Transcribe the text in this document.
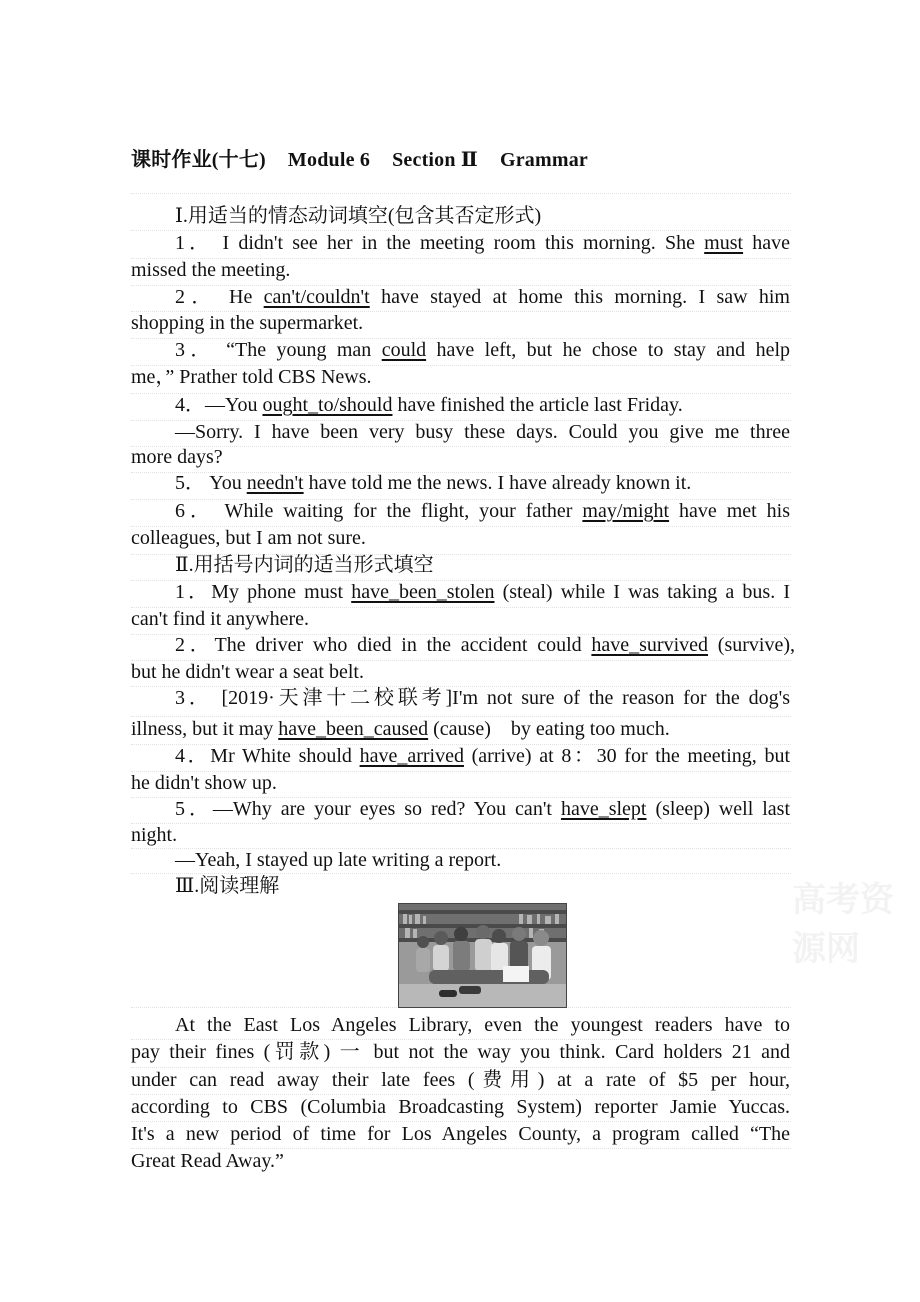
课时作业(十七) Module 6 Section Ⅱ Grammar
Ⅰ.用适当的情态动词填空(包含其否定形式)
1． I didn't see her in the meeting room this morning. She must have
missed the meeting.
2． He can't/couldn't have stayed at home this morning. I saw him
shopping in the supermarket.
3． “The young man could have left, but he chose to stay and help
me，” Prather told CBS News.
4．—You ought_to/should have finished the article last Friday.
—Sorry. I have been very busy these days. Could you give me three
more days?
5． You needn't have told me the news. I have already known it.
6． While waiting for the flight, your father may/might have met his
colleagues, but I am not sure.
Ⅱ.用括号内词的适当形式填空
1．My phone must have_been_stolen (steal) while I was taking a bus. I
can't find it anywhere.
2．The driver who died in the accident could have_survived (survive),
but he didn't wear a seat belt.
3． [2019·天津十二校联考]I'm not sure of the reason for the dog's
illness, but it may have_been_caused (cause)    by eating too much.
4．Mr White should have_arrived (arrive) at 8：30 for the meeting, but
he didn't show up.
5．—Why are your eyes so red? You can't have_slept (sleep) well last
night.
—Yeah, I stayed up late writing a report.
Ⅲ.阅读理解	高考资源网
At the East Los Angeles Library, even the youngest readers have to
pay their fines (罚款) 一 but not the way you think. Card holders 21 and
under can read away their late fees (费用) at a rate of $5 per hour,
according to CBS (Columbia Broadcasting System) reporter Jamie Yuccas.
It's a new period of time for Los Angeles County, a program called “The
Great Read Away.”
